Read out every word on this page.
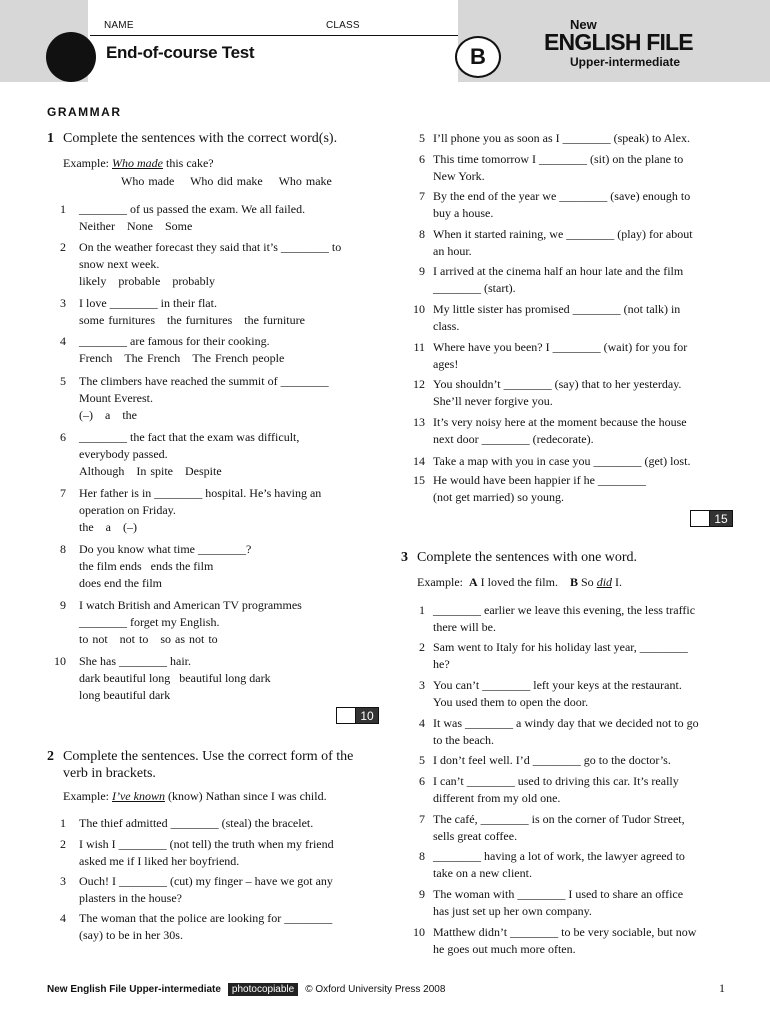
NAME	CLASS
End-of-course Test	B
New
ENGLISH FILE
Upper-intermediate
GRAMMAR
1 Complete the sentences with the correct word(s).
Example: Who made this cake?
Who made Who did make Who make
1 ________ of us passed the exam. We all failed.
Neither None Some
2 On the weather forecast they said that it’s ________ to
snow next week.
likely probable probably
3 I love ________ in their flat.
some furnitures the furnitures the furniture
4 ________ are famous for their cooking.
French The French The French people
5 The climbers have reached the summit of ________
Mount Everest.
(–) a the
6 ________ the fact that the exam was difficult,
everybody passed.
Although In spite Despite
7 Her father is in ________ hospital. He’s having an
operation on Friday.
the a (–)
8 Do you know what time ________?
the film ends   ends the film
does end the film
9 I watch British and American TV programmes
________ forget my English.
to not not to so as not to
10 She has ________ hair.
dark beautiful long   beautiful long dark
long beautiful dark
10
2 Complete the sentences. Use the correct form of the
verb in brackets.
Example: I’ve known (know) Nathan since I was child.
1 The thief admitted ________ (steal) the bracelet.
2 I wish I ________ (not tell) the truth when my friend
asked me if I liked her boyfriend.
3 Ouch! I ________ (cut) my finger – have we got any
plasters in the house?
4 The woman that the police are looking for ________
(say) to be in her 30s.
5 I’ll phone you as soon as I ________ (speak) to Alex.
6 This time tomorrow I ________ (sit) on the plane to
New York.
7 By the end of the year we ________ (save) enough to
buy a house.
8 When it started raining, we ________ (play) for about
an hour.
9 I arrived at the cinema half an hour late and the film
________ (start).
10 My little sister has promised ________ (not talk) in
class.
11 Where have you been? I ________ (wait) for you for
ages!
12 You shouldn’t ________ (say) that to her yesterday.
She’ll never forgive you.
13 It’s very noisy here at the moment because the house
next door ________ (redecorate).
14 Take a map with you in case you ________ (get) lost.
15 He would have been happier if he ________
(not get married) so young.
15
3 Complete the sentences with one word.
Example: A I loved the film. B So did I.
1 ________ earlier we leave this evening, the less traffic
there will be.
2 Sam went to Italy for his holiday last year, ________
he?
3 You can’t ________ left your keys at the restaurant.
You used them to open the door.
4 It was ________ a windy day that we decided not to go
to the beach.
5 I don’t feel well. I’d ________ go to the doctor’s.
6 I can’t ________ used to driving this car. It’s really
different from my old one.
7 The café, ________ is on the corner of Tudor Street,
sells great coffee.
8 ________ having a lot of work, the lawyer agreed to
take on a new client.
9 The woman with ________ I used to share an office
has just set up her own company.
10 Matthew didn’t ________ to be very sociable, but now
he goes out much more often.
New English File Upper-intermediate	photocopiable	© Oxford University Press 2008	1
